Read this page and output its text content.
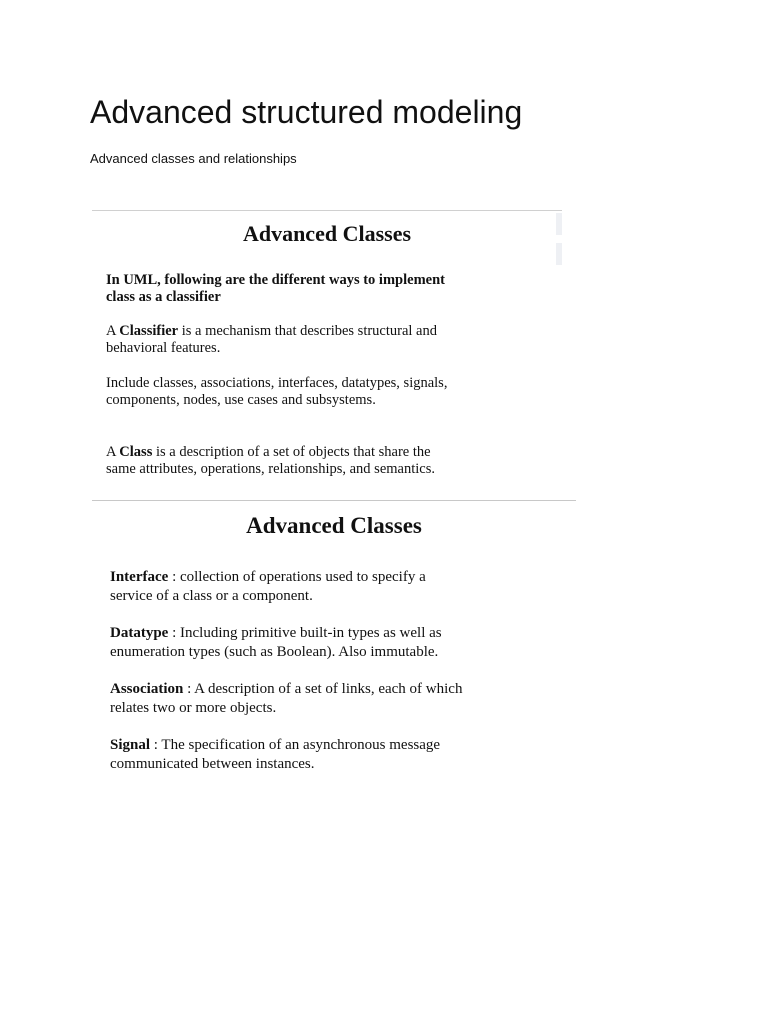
Advanced structured modeling

Advanced classes and relationships

Advanced Classes

In UML, following are the different ways to implement
class as a classifier

A Classifier is a mechanism that describes structural and
behavioral features.

Include classes, associations, interfaces, datatypes, signals,
components, nodes, use cases and subsystems.

A Class is a description of a set of objects that share the
same attributes, operations, relationships, and semantics.

Advanced Classes

Interface : collection of operations used to specify a
service of a class or a component.

Datatype : Including primitive built-in types as well as
enumeration types (such as Boolean). Also immutable.

Association : A description of a set of links, each of which
relates two or more objects.

Signal : The specification of an asynchronous message
communicated between instances.
